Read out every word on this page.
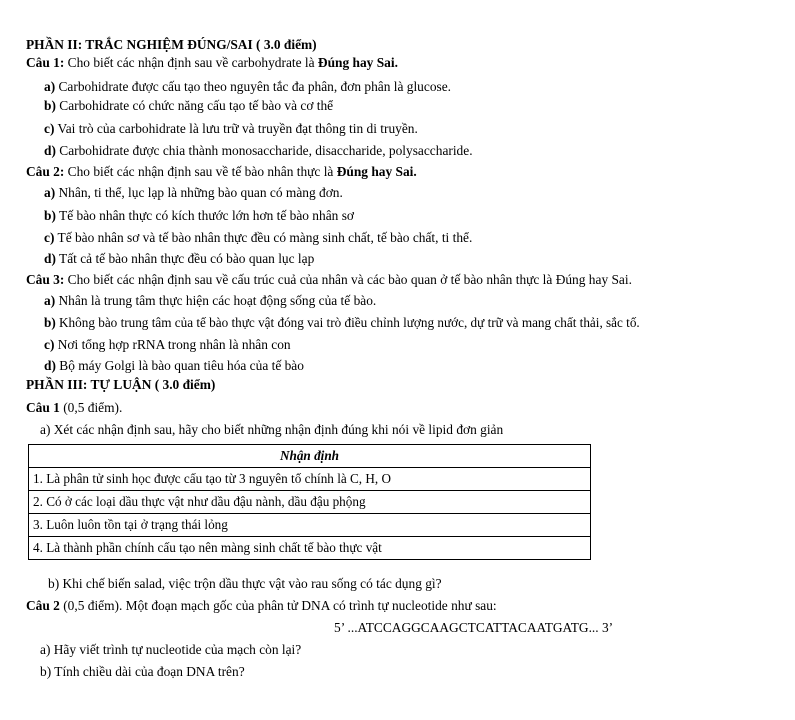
PHẦN II: TRẮC NGHIỆM ĐÚNG/SAI ( 3.0 điểm)
Câu 1: Cho biết các nhận định sau về carbohydrate là Đúng hay Sai.
a) Carbohidrate được cấu tạo theo nguyên tắc đa phân, đơn phân là glucose.
b) Carbohidrate có chức năng cấu tạo tế bào và cơ thể
c) Vai trò của carbohidrate là lưu trữ và truyền đạt thông tin di truyền.
d) Carbohidrate được chia thành monosaccharide, disaccharide, polysaccharide.
Câu 2: Cho biết các nhận định sau về tế bào nhân thực là Đúng hay Sai.
a) Nhân, ti thể, lục lạp là những bào quan có màng đơn.
b) Tế bào nhân thực có kích thước lớn hơn tế bào nhân sơ
c) Tế bào nhân sơ và tế bào nhân thực đều có màng sinh chất, tế bào chất, ti thể.
d) Tất cả tế bào nhân thực đều có bào quan lục lạp
Câu 3: Cho biết các nhận định sau về cấu trúc cuả của nhân và các bào quan ở tế bào nhân thực là Đúng hay Sai.
a) Nhân là trung tâm thực hiện các hoạt động sống của tế bào.
b) Không bào trung tâm của tế bào thực vật đóng vai trò điều chỉnh lượng nước, dự trữ và mang chất thải, sắc tố.
c) Nơi tổng hợp rRNA trong nhân là nhân con
d) Bộ máy Golgi là bào quan tiêu hóa của tế bào
PHẦN III: TỰ LUẬN ( 3.0 điểm)
Câu 1 (0,5 điểm).
a) Xét các nhận định sau, hãy cho biết những nhận định đúng khi nói về lipid đơn giản
Nhận định
1. Là phân tử sinh học được cấu tạo từ 3 nguyên tố chính là C, H, O
2. Có ở các loại dầu thực vật như dầu đậu nành, dầu đậu phộng
3. Luôn luôn tồn tại ở trạng thái lỏng
4. Là thành phần chính cấu tạo nên màng sinh chất tế bào thực vật
b) Khi chế biến salad, việc trộn dầu thực vật vào rau sống có tác dụng gì?
Câu 2 (0,5 điểm). Một đoạn mạch gốc của phân tử DNA có trình tự nucleotide như sau:
5’ ...ATCCAGGCAAGCTCATTACAATGATG... 3’
a) Hãy viết trình tự nucleotide của mạch còn lại?
b) Tính chiều dài của đoạn DNA trên?
